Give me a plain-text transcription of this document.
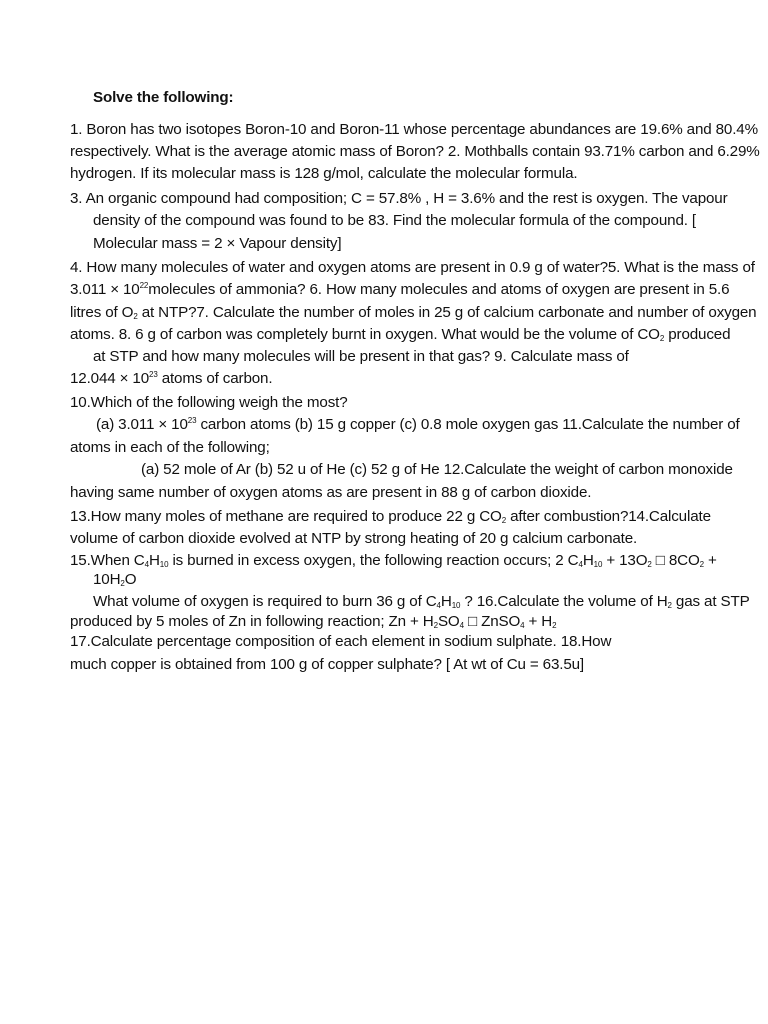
Solve the following:
1. Boron has two isotopes Boron-10 and Boron-11 whose percentage abundances are 19.6% and 80.4%
respectively. What is the average atomic mass of Boron? 2. Mothballs contain 93.71% carbon and 6.29%
hydrogen. If its molecular mass is 128 g/mol, calculate the molecular formula.
3. An organic compound had composition; C = 57.8% , H = 3.6% and the rest is oxygen. The vapour
density of the compound was found to be 83. Find the molecular formula of the compound. [
Molecular mass = 2 × Vapour density]
4. How many molecules of water and oxygen atoms are present in 0.9 g of water?5. What is the mass of
$3.011 \times 10^{22}molecules$ of ammonia? 6. How many molecules and atoms of oxygen are present in 5.6
litres of $O_2$ at NTP?7. Calculate the number of moles in 25 g of calcium carbonate and number of oxygen
atoms. 8. 6 g of carbon was completely burnt in oxygen. What would be the volume of $CO_2$ produced
at STP and how many molecules will be present in that gas? 9. Calculate mass of
$12.044 \times 10^{23}$ atoms of carbon.
10.Which of the following weigh the most?
(a) $3.011 \times 10^{23}$ carbon atoms (b) 15 g copper (c) 0.8 mole oxygen gas 11.Calculate the number of
atoms in each of the following;
(a) 52 mole of Ar (b) 52 u of He (c) 52 g of He 12.Calculate the weight of carbon monoxide
having same number of oxygen atoms as are present in 88 g of carbon dioxide.
13.How many moles of methane are required to produce 22 g $CO_2$ after combustion?14.Calculate
volume of carbon dioxide evolved at NTP by strong heating of 20 g calcium carbonate.
15.When $C_4H_{10}$ is burned in excess oxygen, the following reaction occurs; 2 $C_4H_{10} + 13O_2$ □ $8CO_2$ +
$10H_2O$
What volume of oxygen is required to burn 36 g of $C_4H_{10}$ ? 16.Calculate the volume of $H_2$ gas at STP
produced by 5 moles of Zn in following reaction; $Zn + H_2SO_4$ □ ZnSO$_4$ + $H_2$
17.Calculate percentage composition of each element in sodium sulphate. 18.How
much copper is obtained from 100 g of copper sulphate? [ At wt of Cu = 63.5u]
